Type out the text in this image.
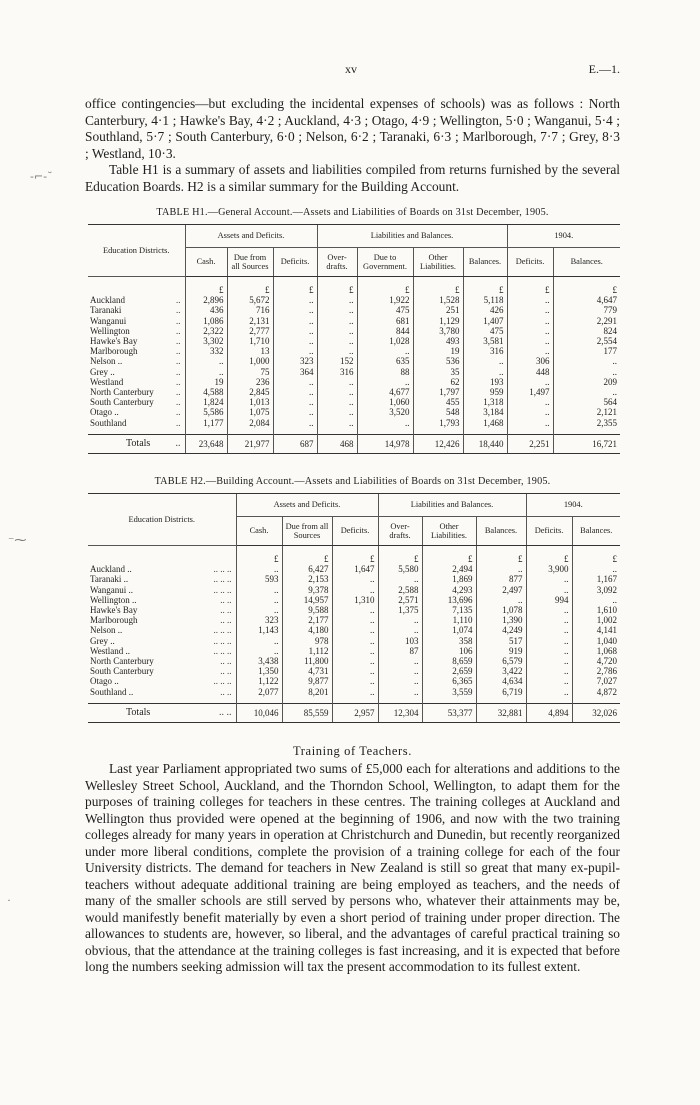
xv	E.—1.
-⌐‐˘
⁻⁓
˙

office contingencies—but excluding the incidental expenses of schools) was as follows : North Canterbury, 4·1 ; Hawke's Bay, 4·2 ; Auckland, 4·3 ; Otago, 4·9 ; Wellington, 5·0 ; Wanganui, 5·4 ; Southland, 5·7 ; South Canterbury, 6·0 ; Nelson, 6·2 ; Taranaki, 6·3 ; Marlborough, 7·7 ; Grey, 8·3 ; Westland, 10·3.

Table H1 is a summary of assets and liabilities compiled from returns furnished by the several Education Boards. H2 is a similar summary for the Building Account.

TABLE H1.—General Account.—Assets and Liabilities of Boards on 31st December, 1905.
Education Districts.	Assets and Deficits.			Liabilities and Balances.				1904.	
	Cash.	Due from all Sources	Deficits.	Over-drafts.	Due to Government.	Other Liabilities.	Balances.	Deficits.	Balances.
	£	£	£	£	£	£	£	£	£
Auckland ..	2,896	5,672	..	..	1,922	1,528	5,118	..	4,647
Taranaki ..	436	716	..	..	475	251	426	..	779
Wanganui ..	1,086	2,131	..	..	681	1,129	1,407	..	2,291
Wellington ..	2,322	2,777	..	..	844	3,780	475	..	824
Hawke's Bay ..	3,302	1,710	..	..	1,028	493	3,581	..	2,554
Marlborough ..	332	13	..	..	..	19	316	..	177
Nelson .. ..	..	1,000	323	152	635	536	..	306	..
Grey .. ..	..	75	364	316	88	35	..	448	..
Westland ..	19	236	..	..	..	62	193	..	209
North Canterbury ..	4,588	2,845	..	..	4,677	1,797	959	1,497	..
South Canterbury ..	1,824	1,013	..	..	1,060	455	1,318	..	564
Otago .. ..	5,586	1,075	..	..	3,520	548	3,184	..	2,121
Southland ..	1,177	2,084	..	..	..	1,793	1,468	..	2,355
Totals ..	23,648	21,977	687	468	14,978	12,426	18,440	2,251	16,721
TABLE H2.—Building Account.—Assets and Liabilities of Boards on 31st December, 1905.
Education Districts.	Assets and Deficits.			Liabilities and Balances.			1904.	
	Cash.	Due from all Sources	Deficits.	Over-drafts.	Other Liabilities.	Balances.	Deficits.	Balances.
	£	£	£	£	£	£	£	£
Auckland .. .. .. ..	..	6,427	1,647	5,580	2,494	..	3,900	..
Taranaki .. .. .. ..	593	2,153	..	..	1,869	877	..	1,167
Wanganui .. .. .. ..	..	9,378	..	2,588	4,293	2,497	..	3,092
Wellington .. .. ..	..	14,957	1,310	2,571	13,696	..	994	..
Hawke's Bay .. ..	..	9,588	..	1,375	7,135	1,078	..	1,610
Marlborough .. ..	323	2,177	..	..	1,110	1,390	..	1,002
Nelson .. .. .. ..	1,143	4,180	..	..	1,074	4,249	..	4,141
Grey .. .. .. ..	..	978	..	103	358	517	..	1,040
Westland .. .. .. ..	..	1,112	..	87	106	919	..	1,068
North Canterbury .. ..	3,438	11,800	..	..	8,659	6,579	..	4,720
South Canterbury .. ..	1,350	4,731	..	..	2,659	3,422	..	2,786
Otago .. .. .. ..	1,122	9,877	..	..	6,365	4,634	..	7,027
Southland .. .. ..	2,077	8,201	..	..	3,559	6,719	..	4,872
Totals .. ..	10,046	85,559	2,957	12,304	53,377	32,881	4,894	32,026
Training of Teachers.

Last year Parliament appropriated two sums of £5,000 each for alterations and additions to the Wellesley Street School, Auckland, and the Thorndon School, Wellington, to adapt them for the purposes of training colleges for teachers in these centres. The training colleges at Auckland and Wellington thus provided were opened at the beginning of 1906, and now with the two training colleges already for many years in operation at Christchurch and Dunedin, but recently reorganized under more liberal conditions, complete the provision of a training college for each of the four University districts. The demand for teachers in New Zealand is still so great that many ex-pupil-teachers without adequate additional training are being employed as teachers, and the needs of many of the smaller schools are still served by persons who, whatever their attainments may be, would manifestly benefit materially by even a short period of training under proper direction. The allowances to students are, however, so liberal, and the advantages of careful practical training so obvious, that the attendance at the training colleges is fast increasing, and it is expected that before long the numbers seeking admission will tax the present accommodation to its fullest extent.
